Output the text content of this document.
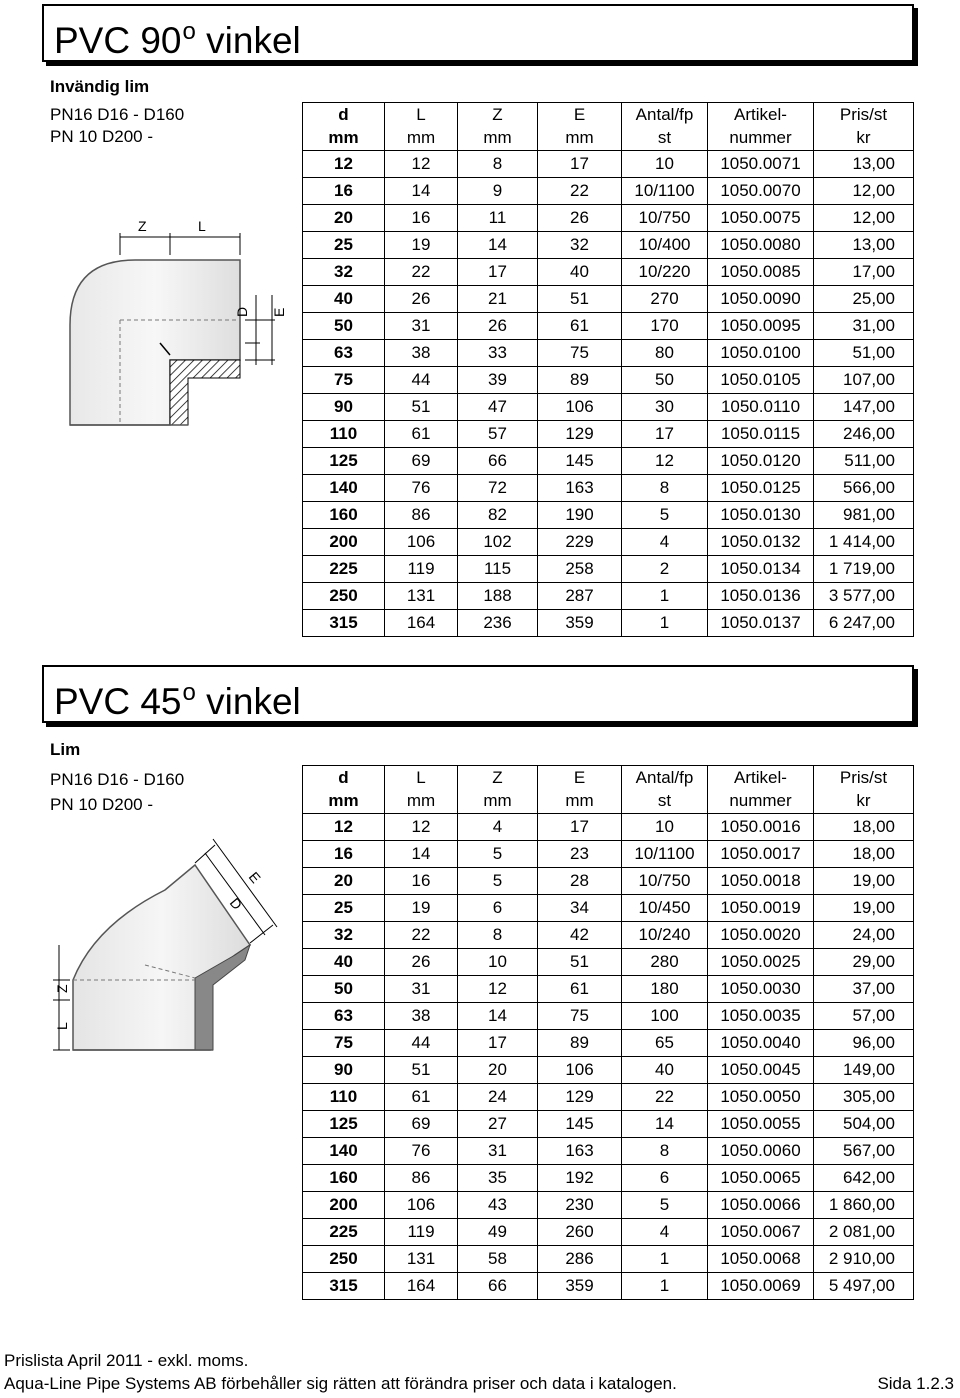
PVC 90$^o$ vinkel
Invändig lim
PN16 D16 - D160
PN 10 D200 -
Z	L
D E
d	L	Z	E	Antal/fp	Artikel-	Pris/st
mm	mm	mm	mm	st	nummer	kr
12	12	8	17	10	1050.0071	13,00
16	14	9	22	10/1100	1050.0070	12,00
20	16	11	26	10/750	1050.0075	12,00
25	19	14	32	10/400	1050.0080	13,00
32	22	17	40	10/220	1050.0085	17,00
40	26	21	51	270	1050.0090	25,00
50	31	26	61	170	1050.0095	31,00
63	38	33	75	80	1050.0100	51,00
75	44	39	89	50	1050.0105	107,00
90	51	47	106	30	1050.0110	147,00
110	61	57	129	17	1050.0115	246,00
125	69	66	145	12	1050.0120	511,00
140	76	72	163	8	1050.0125	566,00
160	86	82	190	5	1050.0130	981,00
200	106	102	229	4	1050.0132	1 414,00
225	119	115	258	2	1050.0134	1 719,00
250	131	188	287	1	1050.0136	3 577,00
315	164	236	359	1	1050.0137	6 247,00
PVC 45$^o$ vinkel
Lim
PN16 D16 - D160
PN 10 D200 -
Z
L
D
E
d	L	Z	E	Antal/fp	Artikel-	Pris/st
mm	mm	mm	mm	st	nummer	kr
12	12	4	17	10	1050.0016	18,00
16	14	5	23	10/1100	1050.0017	18,00
20	16	5	28	10/750	1050.0018	19,00
25	19	6	34	10/450	1050.0019	19,00
32	22	8	42	10/240	1050.0020	24,00
40	26	10	51	280	1050.0025	29,00
50	31	12	61	180	1050.0030	37,00
63	38	14	75	100	1050.0035	57,00
75	44	17	89	65	1050.0040	96,00
90	51	20	106	40	1050.0045	149,00
110	61	24	129	22	1050.0050	305,00
125	69	27	145	14	1050.0055	504,00
140	76	31	163	8	1050.0060	567,00
160	86	35	192	6	1050.0065	642,00
200	106	43	230	5	1050.0066	1 860,00
225	119	49	260	4	1050.0067	2 081,00
250	131	58	286	1	1050.0068	2 910,00
315	164	66	359	1	1050.0069	5 497,00
Prislista April 2011 - exkl. moms.
Aqua-Line Pipe Systems AB förbehåller sig rätten att förändra priser och data i katalogen.	Sida 1.2.3
